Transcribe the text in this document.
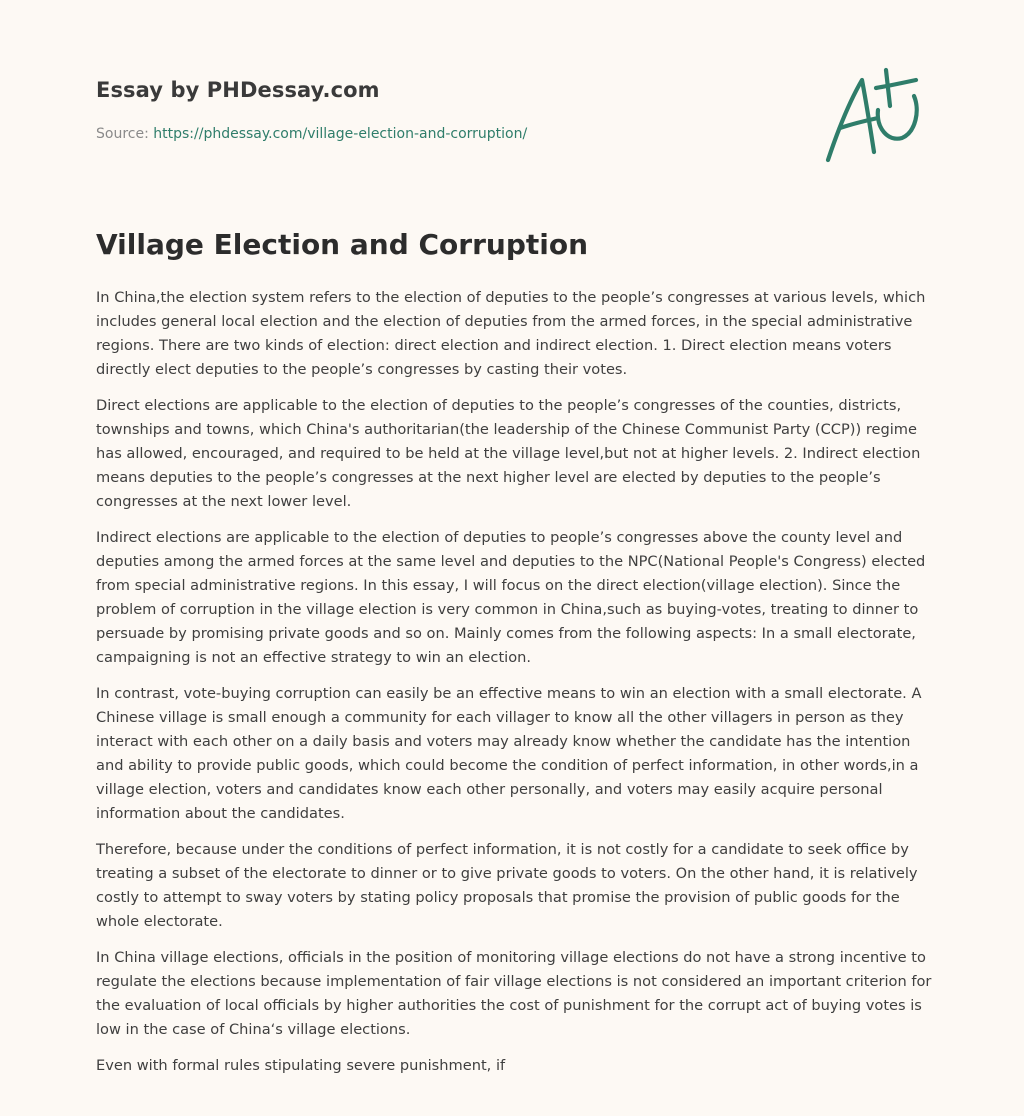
Essay by PHDessay.com
Source: https://phdessay.com/village-election-and-corruption/
Village Election and Corruption

In China,the election system refers to the election of deputies to the people’s congresses at various levels, which includes general local election and the election of deputies from the armed forces, in the special administrative regions. There are two kinds of election: direct election and indirect election. 1. Direct election means voters directly elect deputies to the people’s congresses by casting their votes.

Direct elections are applicable to the election of deputies to the people’s congresses of the counties, districts, townships and towns, which China's authoritarian(the leadership of the Chinese Communist Party (CCP)) regime has allowed, encouraged, and required to be held at the village level,but not at higher levels. 2. Indirect election means deputies to the people’s congresses at the next higher level are elected by deputies to the people’s congresses at the next lower level.

Indirect elections are applicable to the election of deputies to people’s congresses above the county level and deputies among the armed forces at the same level and deputies to the NPC(National People's Congress) elected from special administrative regions. In this essay, I will focus on the direct election(village election). Since the problem of corruption in the village election is very common in China,such as buying-votes, treating to dinner to persuade by promising private goods and so on. Mainly comes from the following aspects: In a small electorate, campaigning is not an effective strategy to win an election.

In contrast, vote-buying corruption can easily be an effective means to win an election with a small electorate. A Chinese village is small enough a community for each villager to know all the other villagers in person as they interact with each other on a daily basis and voters may already know whether the candidate has the intention and ability to provide public goods, which could become the condition of perfect information, in other words,in a village election, voters and candidates know each other personally, and voters may easily acquire personal information about the candidates.

Therefore, because under the conditions of perfect information, it is not costly for a candidate to seek office by treating a subset of the electorate to dinner or to give private goods to voters. On the other hand, it is relatively costly to attempt to sway voters by stating policy proposals that promise the provision of public goods for the whole electorate.

In China village elections, officials in the position of monitoring village elections do not have a strong incentive to regulate the elections because implementation of fair village elections is not considered an important criterion for the evaluation of local officials by higher authorities the cost of punishment for the corrupt act of buying votes is low in the case of China‘s village elections.

Even with formal rules stipulating severe punishment, if
